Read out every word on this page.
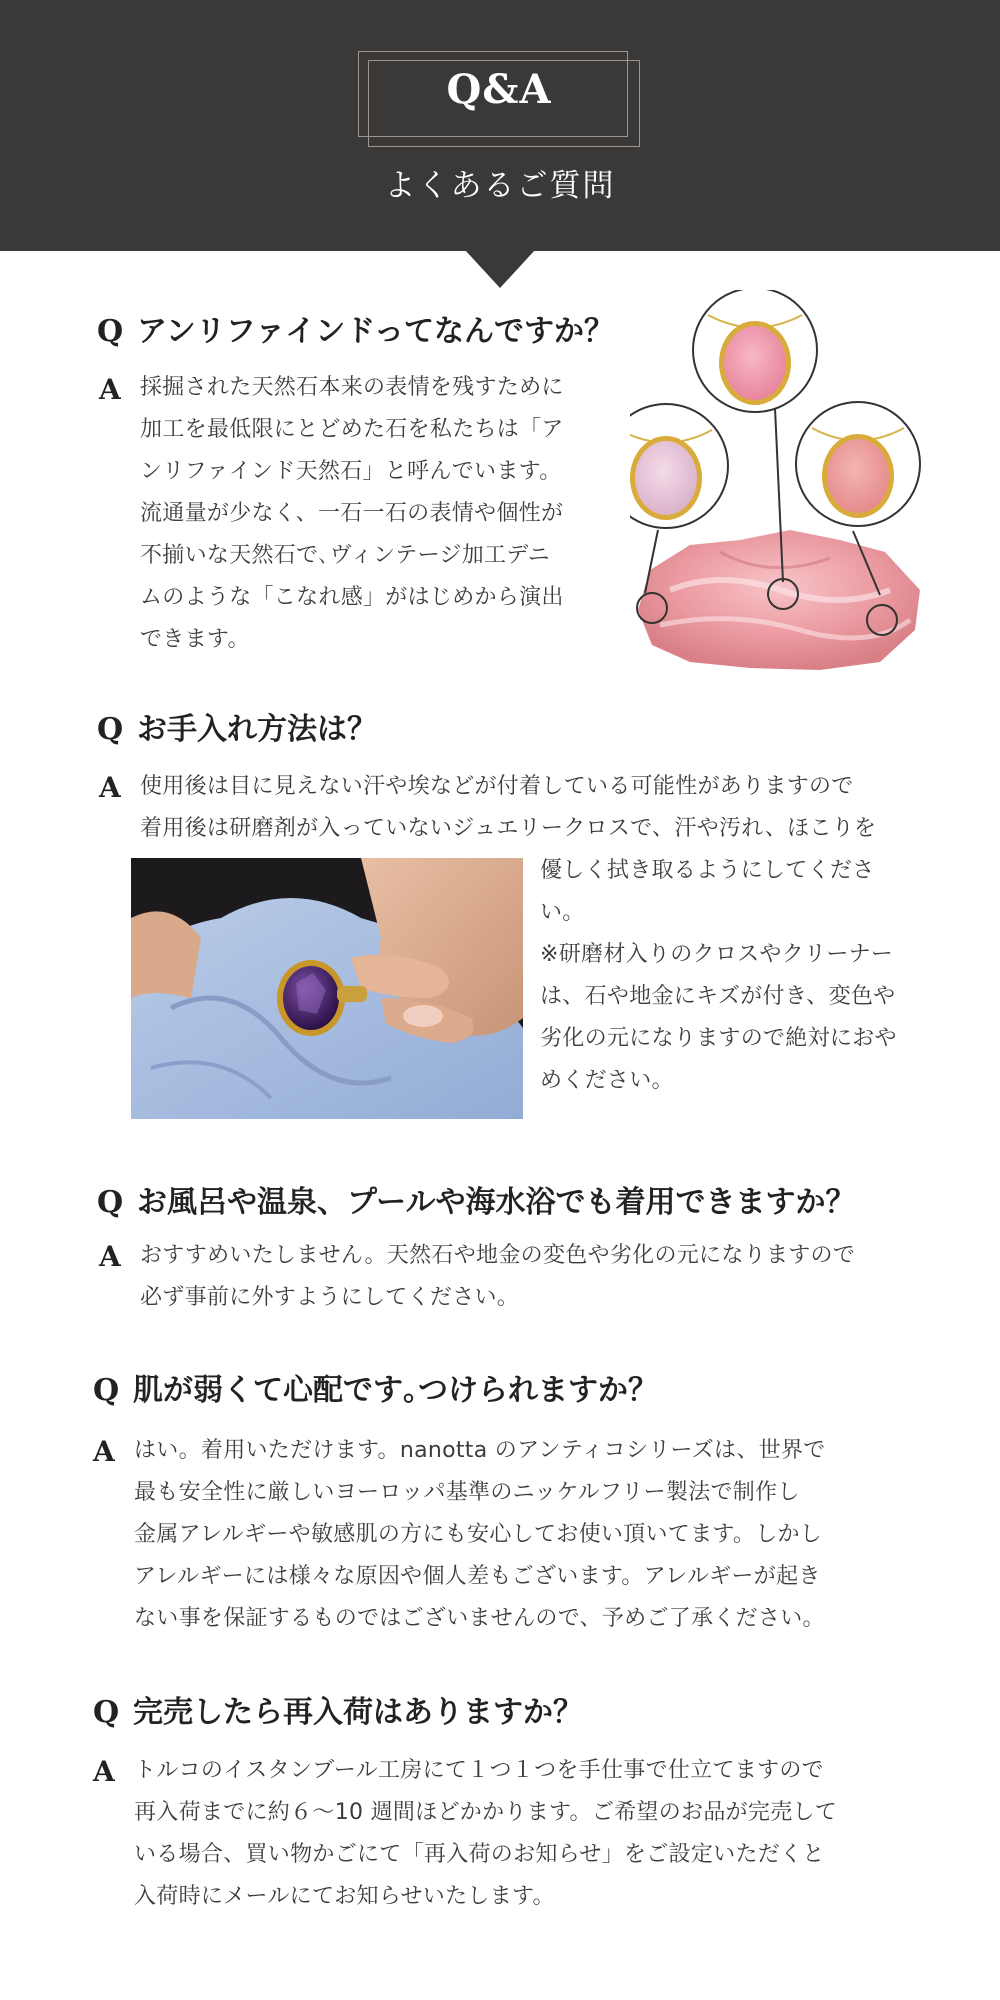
Q&A
よくあるご質問
Q アンリファインドってなんですか？
A 採掘された天然石本来の表情を残すために
加工を最低限にとどめた石を私たちは「ア
ンリファインド天然石」と呼んでいます。
流通量が少なく、一石一石の表情や個性が
不揃いな天然石で､ヴィンテージ加工デニ
ムのような「こなれ感」がはじめから演出
できます。
Q お手入れ方法は？
A 使用後は目に見えない汗や埃などが付着している可能性がありますので
着用後は研磨剤が入っていないジュエリークロスで、汗や汚れ、ほこりを
優しく拭き取るようにしてくださ
い。
※研磨材入りのクロスやクリーナー
は、石や地金にキズが付き、変色や
劣化の元になりますので絶対におや
めください。
Q お風呂や温泉、プールや海水浴でも着用できますか？
A おすすめいたしません。天然石や地金の変色や劣化の元になりますので
必ず事前に外すようにしてください。
Q 肌が弱くて心配です｡つけられますか？
A はい。着用いただけます。nanotta のアンティコシリーズは、世界で
最も安全性に厳しいヨーロッパ基準のニッケルフリー製法で制作し
金属アレルギーや敏感肌の方にも安心してお使い頂いてます。しかし
アレルギーには様々な原因や個人差もございます。アレルギーが起き
ない事を保証するものではございませんので、予めご了承ください。
Q 完売したら再入荷はありますか？
A トルコのイスタンブール工房にて１つ１つを手仕事で仕立てますので
再入荷までに約６〜10 週間ほどかかります。ご希望のお品が完売して
いる場合、買い物かごにて「再入荷のお知らせ」をご設定いただくと
入荷時にメールにてお知らせいたします。
